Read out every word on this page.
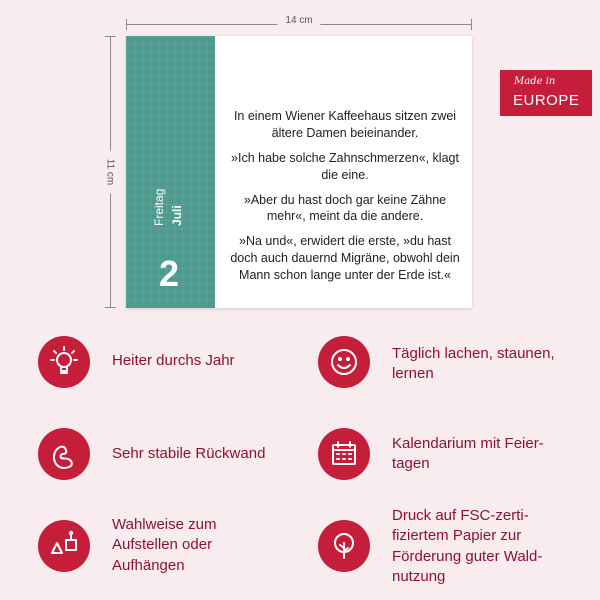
14 cm
11 cm
Freitag Juli
2

In einem Wiener Kaffeehaus sitzen zwei ältere Damen beieinander.

»Ich habe solche Zahnschmerzen«, klagt die eine.

»Aber du hast doch gar keine Zähne mehr«, meint da die andere.

»Na und«, erwidert die erste, »du hast doch auch dauernd Migräne, obwohl dein Mann schon lange unter der Erde ist.«

Made in
EUROPE
Heiter durchs Jahr	Täglich lachen, staunen, lernen
Sehr stabile Rückwand
Kalendarium mit Feier-tagen
Wahlweise zum Aufstellen oder Aufhängen
Druck auf FSC-zerti-fiziertem Papier zur Förderung guter Wald-nutzung
